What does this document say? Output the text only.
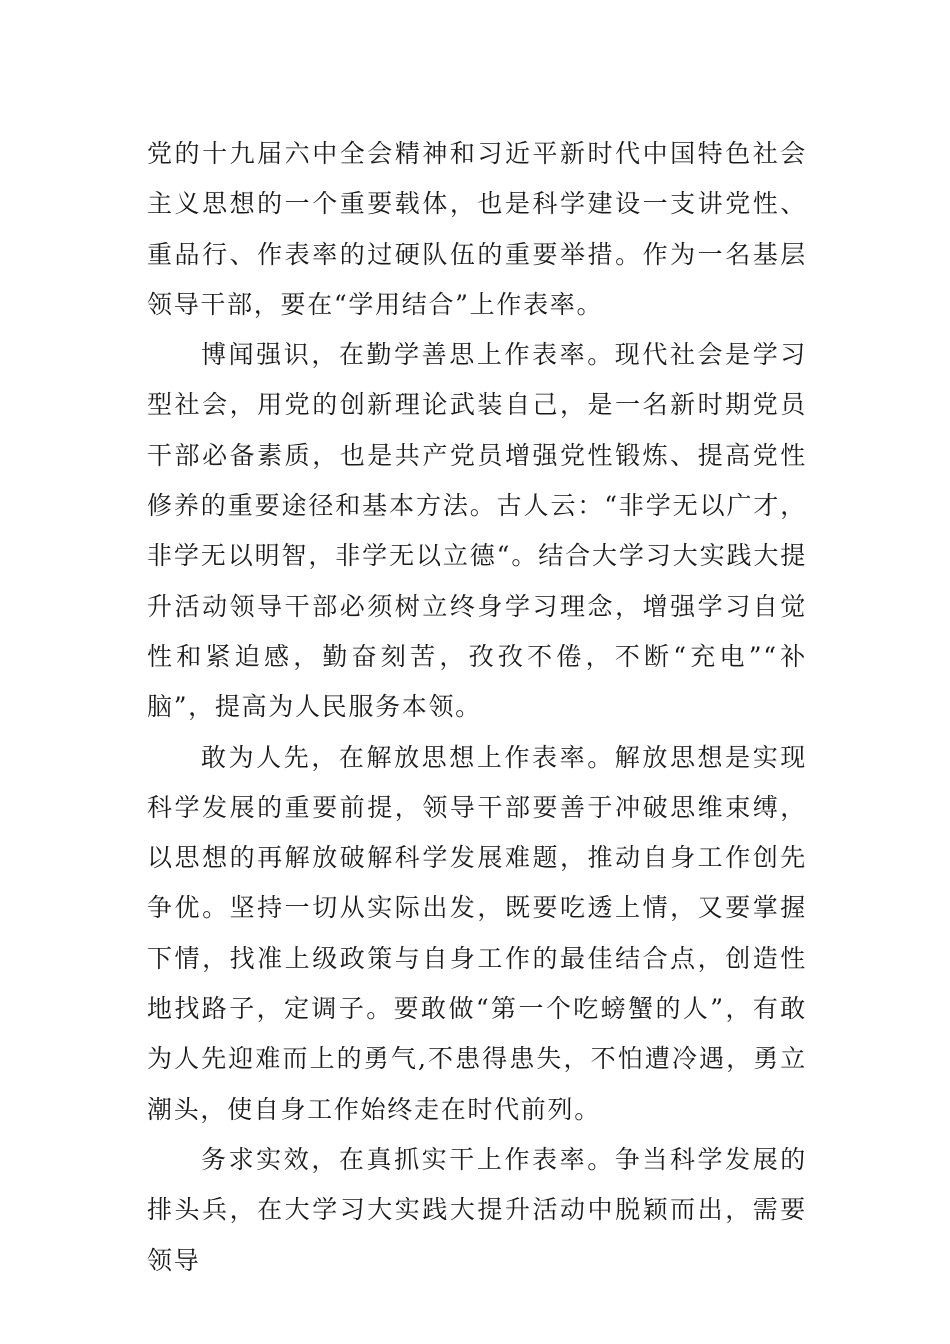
党的十九届六中全会精神和习近平新时代中国特色社会主义思想的一个重要载体，也是科学建设一支讲党性、重品行、作表率的过硬队伍的重要举措。作为一名基层领导干部，要在“学用结合”上作表率。

博闻强识，在勤学善思上作表率。现代社会是学习型社会，用党的创新理论武装自己，是一名新时期党员干部必备素质，也是共产党员增强党性锻炼、提高党性修养的重要途径和基本方法。古人云：“非学无以广才，非学无以明智，非学无以立德“。结合大学习大实践大提升活动领导干部必须树立终身学习理念，增强学习自觉性和紧迫感，勤奋刻苦，孜孜不倦，不断“充电”“补脑”，提高为人民服务本领。

敢为人先，在解放思想上作表率。解放思想是实现科学发展的重要前提，领导干部要善于冲破思维束缚，以思想的再解放破解科学发展难题，推动自身工作创先争优。坚持一切从实际出发，既要吃透上情，又要掌握下情，找准上级政策与自身工作的最佳结合点，创造性地找路子，定调子。要敢做“第一个吃螃蟹的人”，有敢为人先迎难而上的勇气,不患得患失，不怕遭冷遇，勇立潮头，使自身工作始终走在时代前列。

务求实效，在真抓实干上作表率。争当科学发展的排头兵，在大学习大实践大提升活动中脱颖而出，需要领导
